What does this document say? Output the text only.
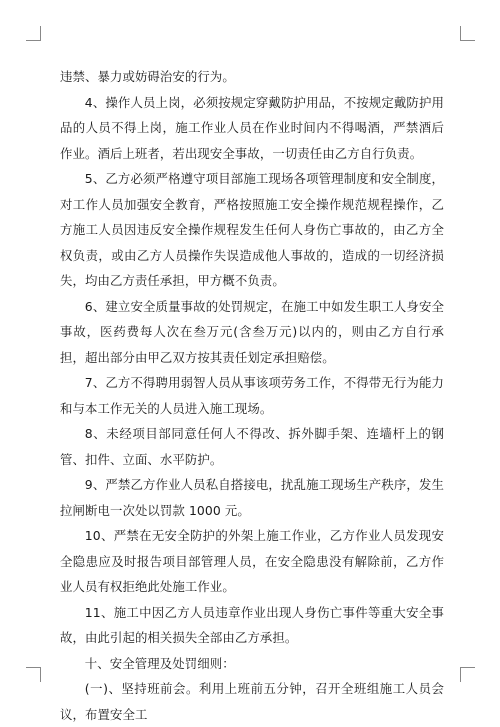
违禁、暴力或妨碍治安的行为。

4、操作人员上岗，必须按规定穿戴防护用品，不按规定戴防护用品的人员不得上岗，施工作业人员在作业时间内不得喝酒，严禁酒后作业。酒后上班者，若出现安全事故，一切责任由乙方自行负责。

5、乙方必须严格遵守项目部施工现场各项管理制度和安全制度，对工作人员加强安全教育，严格按照施工安全操作规范规程操作，乙方施工人员因违反安全操作规程发生任何人身伤亡事故的，由乙方全权负责，或由乙方人员操作失误造成他人事故的，造成的一切经济损失，均由乙方责任承担，甲方概不负责。

6、建立安全质量事故的处罚规定，在施工中如发生职工人身安全事故，医药费每人次在叁万元(含叁万元)以内的，则由乙方自行承担，超出部分由甲乙双方按其责任划定承担赔偿。

7、乙方不得聘用弱智人员从事该项劳务工作，不得带无行为能力和与本工作无关的人员进入施工现场。

8、未经项目部同意任何人不得改、拆外脚手架、连墙杆上的钢管、扣件、立面、水平防护。

9、严禁乙方作业人员私自搭接电，扰乱施工现场生产秩序，发生拉闸断电一次处以罚款 1000 元。

10、严禁在无安全防护的外架上施工作业，乙方作业人员发现安全隐患应及时报告项目部管理人员，在安全隐患没有解除前，乙方作业人员有权拒绝此处施工作业。

11、施工中因乙方人员违章作业出现人身伤亡事件等重大安全事故，由此引起的相关损失全部由乙方承担。

十、安全管理及处罚细则：

(一)、坚持班前会。利用上班前五分钟，召开全班组施工人员会议，布置安全工
